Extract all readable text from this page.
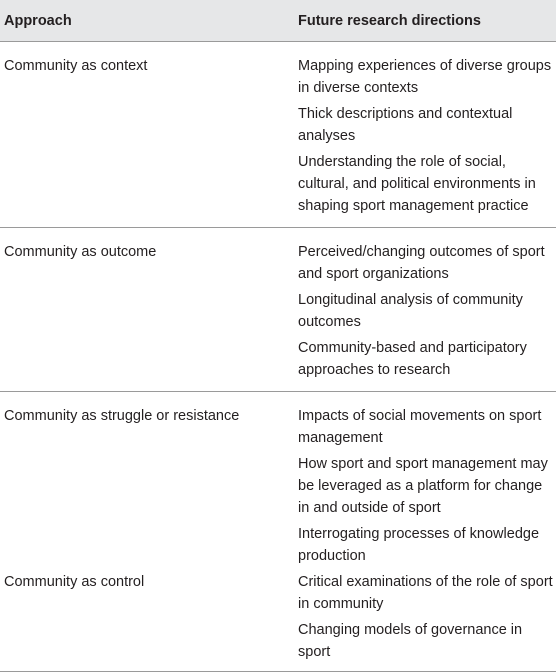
Approach	Future research directions
Community as context	Mapping experiences of diverse groups in diverse contexts
Thick descriptions and contextual analyses
Understanding the role of social, cultural, and political environments in shaping sport management practice

Community as outcome	Perceived/changing outcomes of sport and sport organizations
Longitudinal analysis of community outcomes
Community-based and participatory approaches to research

Community as struggle or resistance	Impacts of social movements on sport management
How sport and sport management may be leveraged as a platform for change in and outside of sport
Interrogating processes of knowledge production

Community as control	Critical examinations of the role of sport in community
Changing models of governance in sport
